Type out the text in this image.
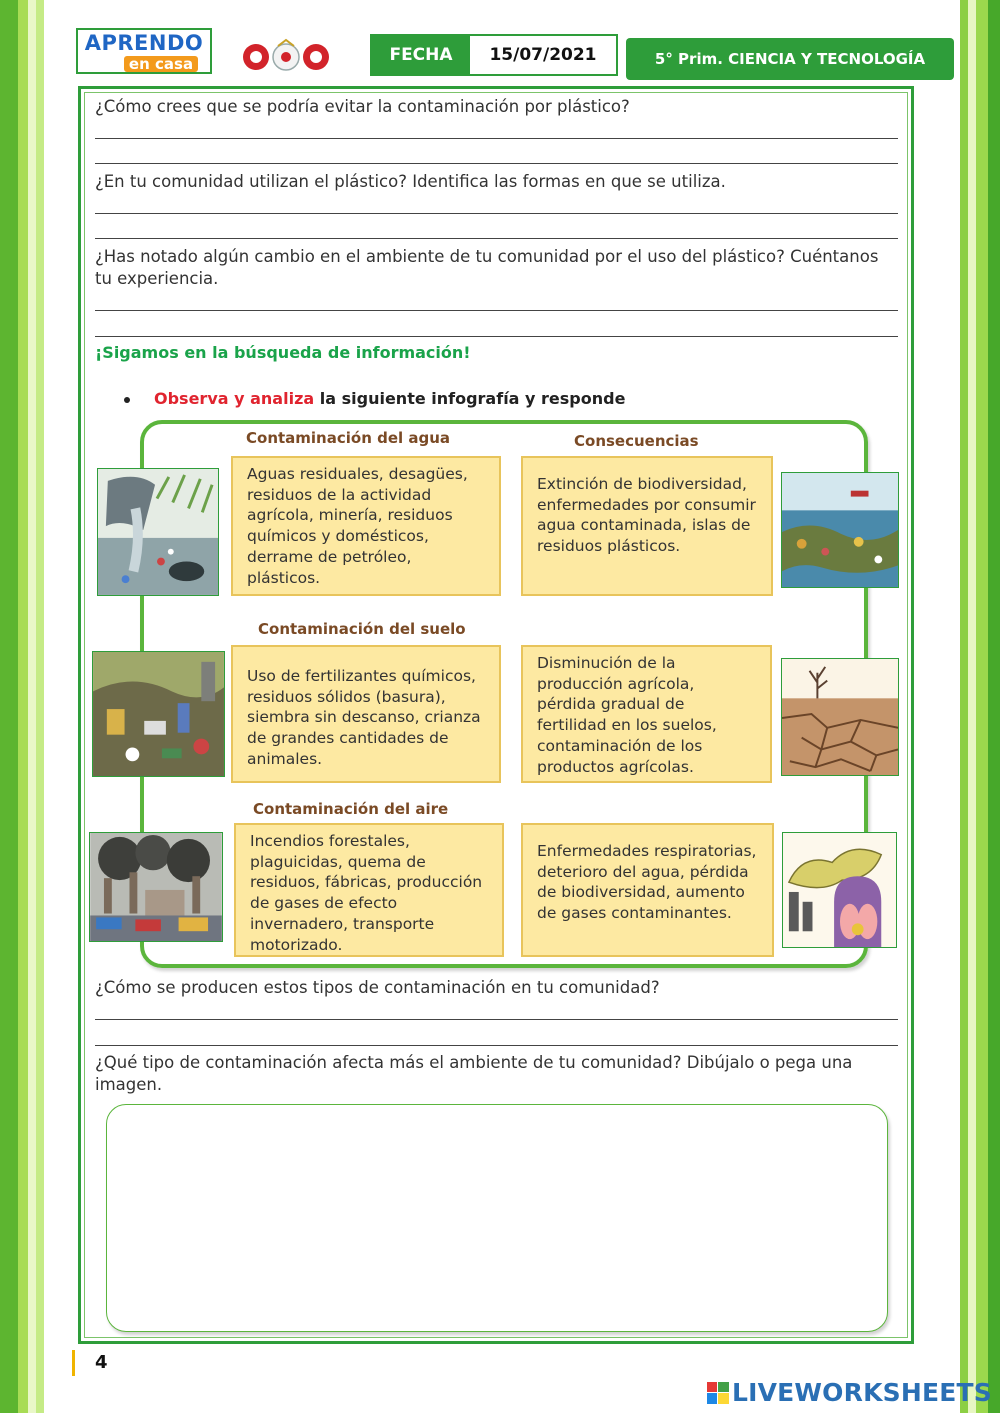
APRENDO
en casa	FECHA	15/07/2021	5° Prim. CIENCIA Y TECNOLOGÍA
¿Cómo crees que se podría evitar la contaminación por plástico?
¿En tu comunidad utilizan el plástico? Identifica las formas en que se utiliza.
¿Has notado algún cambio en el ambiente de tu comunidad por el uso del plástico? Cuéntanos tu experiencia.
¡Sigamos en la búsqueda de información!
Observa y analiza la siguiente infografía y responde
Contaminación del agua	Consecuencias
Aguas residuales, desagües, residuos de la actividad agrícola, minería, residuos químicos y domésticos, derrame de petróleo, plásticos.
Extinción de biodiversidad, enfermedades por consumir agua contaminada, islas de residuos plásticos.
Contaminación del suelo
Uso de fertilizantes químicos, residuos sólidos (basura), siembra sin descanso, crianza de grandes cantidades de animales.
Disminución de la producción agrícola, pérdida gradual de fertilidad en los suelos, contaminación de los productos agrícolas.
Contaminación del aire
Incendios forestales, plaguicidas, quema de residuos, fábricas, producción de gases de efecto invernadero, transporte motorizado.
Enfermedades respiratorias, deterioro del agua, pérdida de biodiversidad, aumento de gases contaminantes.
¿Cómo se producen estos tipos de contaminación en tu comunidad?
¿Qué tipo de contaminación afecta más el ambiente de tu comunidad? Dibújalo o pega una imagen.
4
LIVEWORKSHEETS
